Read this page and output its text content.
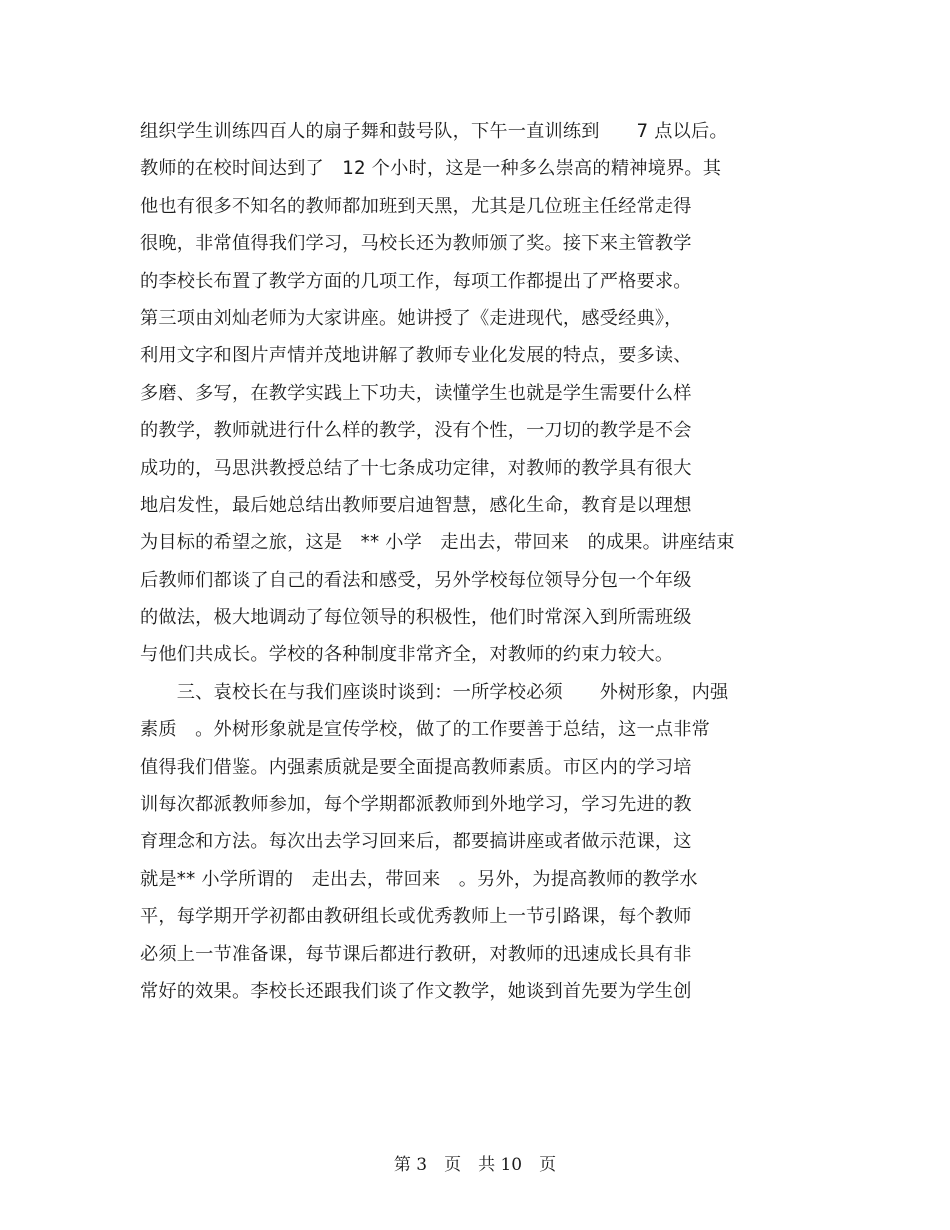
组织学生训练四百人的扇子舞和鼓号队，下午一直训练到　　7 点以后。
教师的在校时间达到了　12 个小时，这是一种多么崇高的精神境界。其
他也有很多不知名的教师都加班到天黑，尤其是几位班主任经常走得
很晚，非常值得我们学习，马校长还为教师颁了奖。接下来主管教学
的李校长布置了教学方面的几项工作，每项工作都提出了严格要求。
第三项由刘灿老师为大家讲座。她讲授了《走进现代，感受经典》，
利用文字和图片声情并茂地讲解了教师专业化发展的特点，要多读、
多磨、多写，在教学实践上下功夫，读懂学生也就是学生需要什么样
的教学，教师就进行什么样的教学，没有个性，一刀切的教学是不会
成功的，马思洪教授总结了十七条成功定律，对教师的教学具有很大
地启发性，最后她总结出教师要启迪智慧，感化生命，教育是以理想
为目标的希望之旅，这是　** 小学　走出去，带回来　的成果。讲座结束
后教师们都谈了自己的看法和感受，另外学校每位领导分包一个年级
的做法，极大地调动了每位领导的积极性，他们时常深入到所需班级
与他们共成长。学校的各种制度非常齐全，对教师的约束力较大。
　　三、袁校长在与我们座谈时谈到：一所学校必须　　外树形象，内强
素质　。外树形象就是宣传学校，做了的工作要善于总结，这一点非常
值得我们借鉴。内强素质就是要全面提高教师素质。市区内的学习培
训每次都派教师参加，每个学期都派教师到外地学习，学习先进的教
育理念和方法。每次出去学习回来后，都要搞讲座或者做示范课，这
就是** 小学所谓的　走出去，带回来　。另外，为提高教师的教学水
平，每学期开学初都由教研组长或优秀教师上一节引路课，每个教师
必须上一节准备课，每节课后都进行教研，对教师的迅速成长具有非
常好的效果。李校长还跟我们谈了作文教学，她谈到首先要为学生创
第 3　页　共 10　页
